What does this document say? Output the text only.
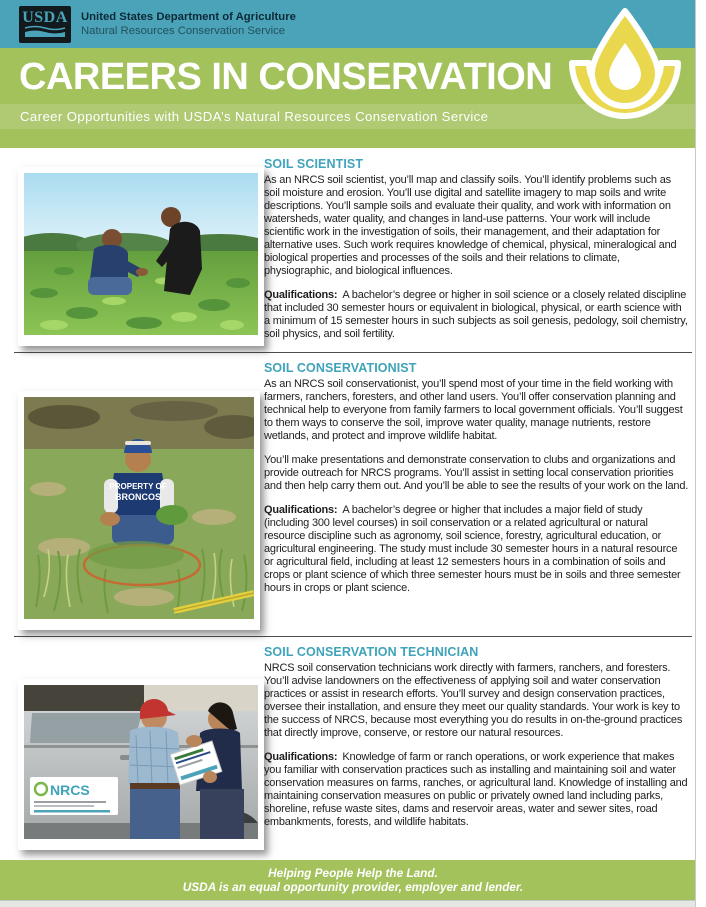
USDA United States Department of Agriculture
Natural Resources Conservation Service
CAREERS IN CONSERVATION
Career Opportunities with USDA’s Natural Resources Conservation Service
SOIL SCIENTIST

As an NRCS soil scientist, you’ll map and classify soils. You’ll identify problems such as soil moisture and erosion. You’ll use digital and satellite imagery to map soils and write descriptions. You’ll sample soils and evaluate their quality, and work with information on watersheds, water quality, and changes in land-use patterns. Your work will include scientific work in the investigation of soils, their management, and their adaptation for alternative uses. Such work requires knowledge of chemical, physical, mineralogical and biological properties and processes of the soils and their relations to climate, physiographic, and biological influences.

Qualifications: A bachelor’s degree or higher in soil science or a closely related discipline that included 30 semester hours or equivalent in biological, physical, or earth science with a minimum of 15 semester hours in such subjects as soil genesis, pedology, soil chemistry, soil physics, and soil fertility.

PROPERTY OF
BRONCOS
SOIL CONSERVATIONIST

As an NRCS soil conservationist, you’ll spend most of your time in the field working with farmers, ranchers, foresters, and other land users. You’ll offer conservation planning and technical help to everyone from family farmers to local government officials. You’ll suggest to them ways to conserve the soil, improve water quality, manage nutrients, restore wetlands, and protect and improve wildlife habitat.

You’ll make presentations and demonstrate conservation to clubs and organizations and provide outreach for NRCS programs. You’ll assist in setting local conservation priorities and then help carry them out. And you’ll be able to see the results of your work on the land.

Qualifications: A bachelor’s degree or higher that includes a major field of study (including 300 level courses) in soil conservation or a related agricultural or natural resource discipline such as agronomy, soil science, forestry, agricultural education, or agricultural engineering. The study must include 30 semester hours in a natural resource or agricultural field, including at least 12 semesters hours in a combination of soils and crops or plant science of which three semester hours must be in soils and three semester hours in crops or plant science.

NRCS
SOIL CONSERVATION TECHNICIAN

NRCS soil conservation technicians work directly with farmers, ranchers, and foresters. You’ll advise landowners on the effectiveness of applying soil and water conservation practices or assist in research efforts. You’ll survey and design conservation practices, oversee their installation, and ensure they meet our quality standards. Your work is key to the success of NRCS, because most everything you do results in on-the-ground practices that directly improve, conserve, or restore our natural resources.

Qualifications: Knowledge of farm or ranch operations, or work experience that makes you familiar with conservation practices such as installing and maintaining soil and water conservation measures on farms, ranches, or agricultural land. Knowledge of installing and maintaining conservation measures on public or privately owned land including parks, shoreline, refuse waste sites, dams and reservoir areas, water and sewer sites, road embankments, forests, and wildlife habitats.

Helping People Help the Land.
USDA is an equal opportunity provider, employer and lender.
